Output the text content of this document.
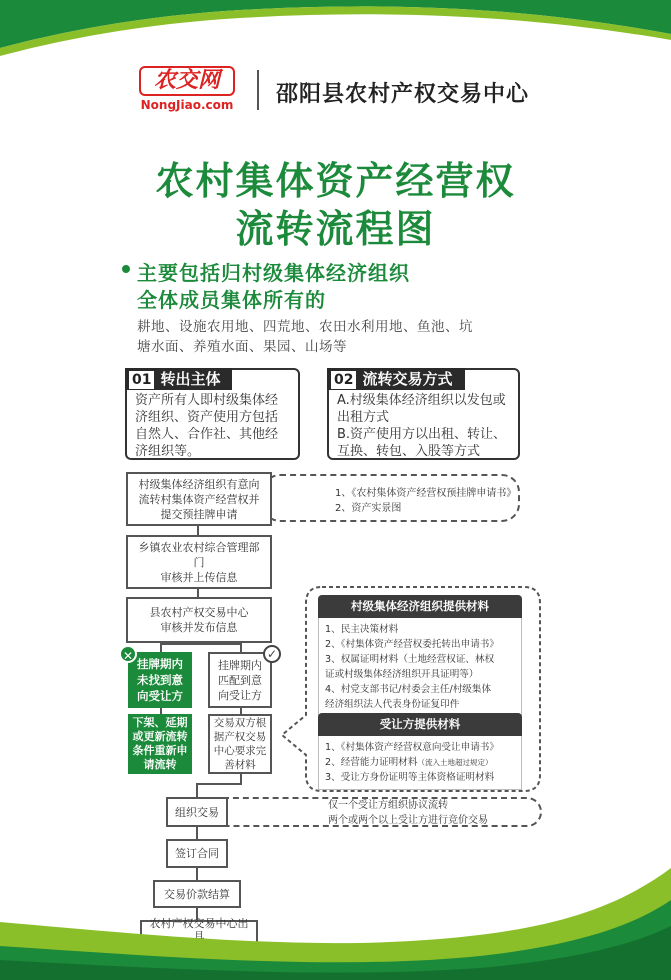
农交网
NongJiao.com 邵阳县农村产权交易中心
农村集体资产经营权
流转流程图
主要包括归村级集体经济组织
全体成员集体所有的
耕地、设施农用地、四荒地、农田水利用地、鱼池、坑
塘水面、养殖水面、果园、山场等
资产所有人即村级集体经
济组织、资产使用方包括
自然人、合作社、其他经
济组织等。
01 转出主体
A.村级集体经济组织以发包或
出租方式
B.资产使用方以出租、转让、
互换、转包、入股等方式
02 流转交易方式
1、《农村集体资产经营权预挂牌申请书》
2、资产实景图
村级集体经济组织有意向
流转村集体资产经营权并
提交预挂牌申请
乡镇农业农村综合管理部门
审核并上传信息
县农村产权交易中心
审核并发布信息
挂牌期内
未找到意
向受让方
✕
挂牌期内
匹配到意
向受让方
✓
下架、延期
或更新流转
条件重新申
请流转
交易双方根
据产权交易
中心要求完
善材料
村级集体经济组织提供材料
1、民主决策材料
2、《村集体资产经营权委托转出申请书》
3、权属证明材料（土地经营权证、林权
证或村级集体经济组织开具证明等）
4、村党支部书记/村委会主任/村级集体
经济组织法人代表身份证复印件
受让方提供材料
1、《村集体资产经营权意向受让申请书》
2、经营能力证明材料（流入土地超过规定）
3、受让方身份证明等主体资格证明材料
仅一个受让方组织协议流转
两个或两个以上受让方进行竞价交易
组织交易
签订合同
交易价款结算
农村产权交易中心出具
